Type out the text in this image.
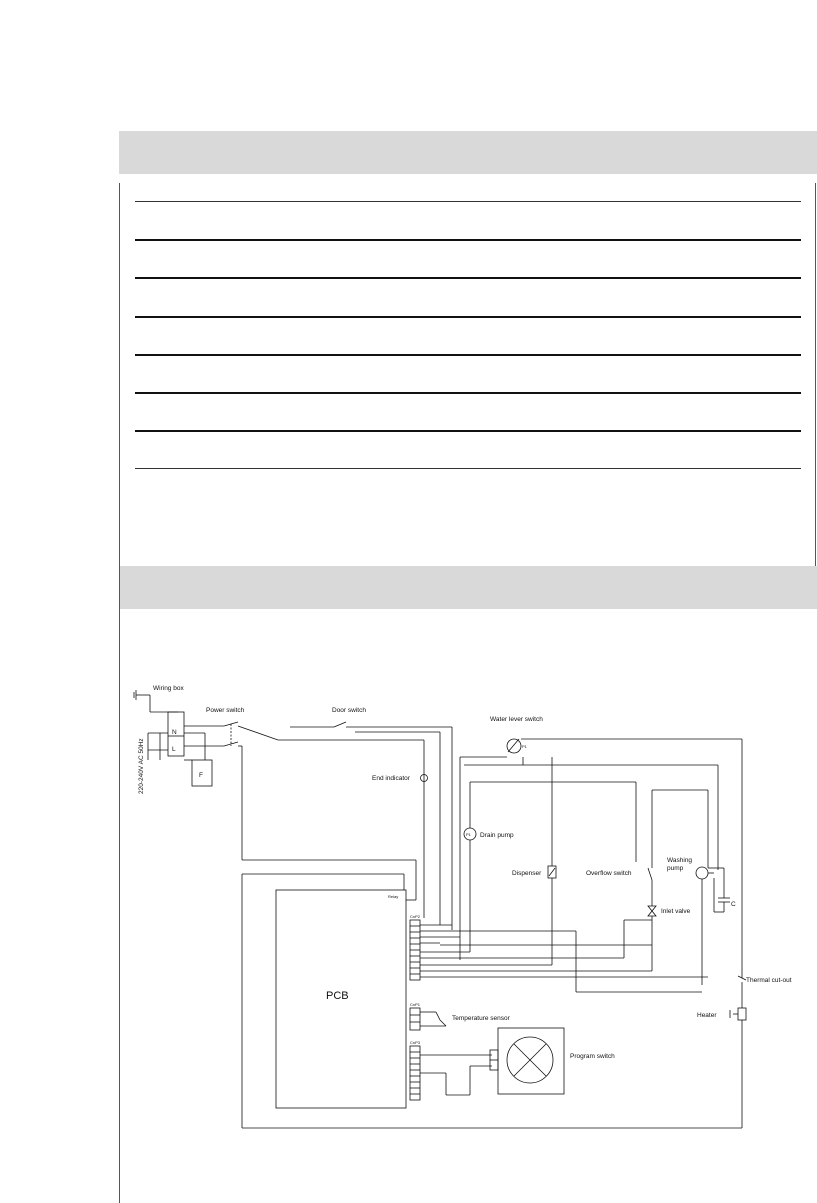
Wiring box
Power switch	Door switch
Water lever switch
220-240V AC 50Hz
N
L
F	End indicator
P1
P1
Drain pump
Dispenser	Overflow switch
Washing
pump
C
Inlet valve
Relay
PCB
CnP2
CnP1
CnP3
Temperature sensor
Program switch
Thermal cut-out
Heater
